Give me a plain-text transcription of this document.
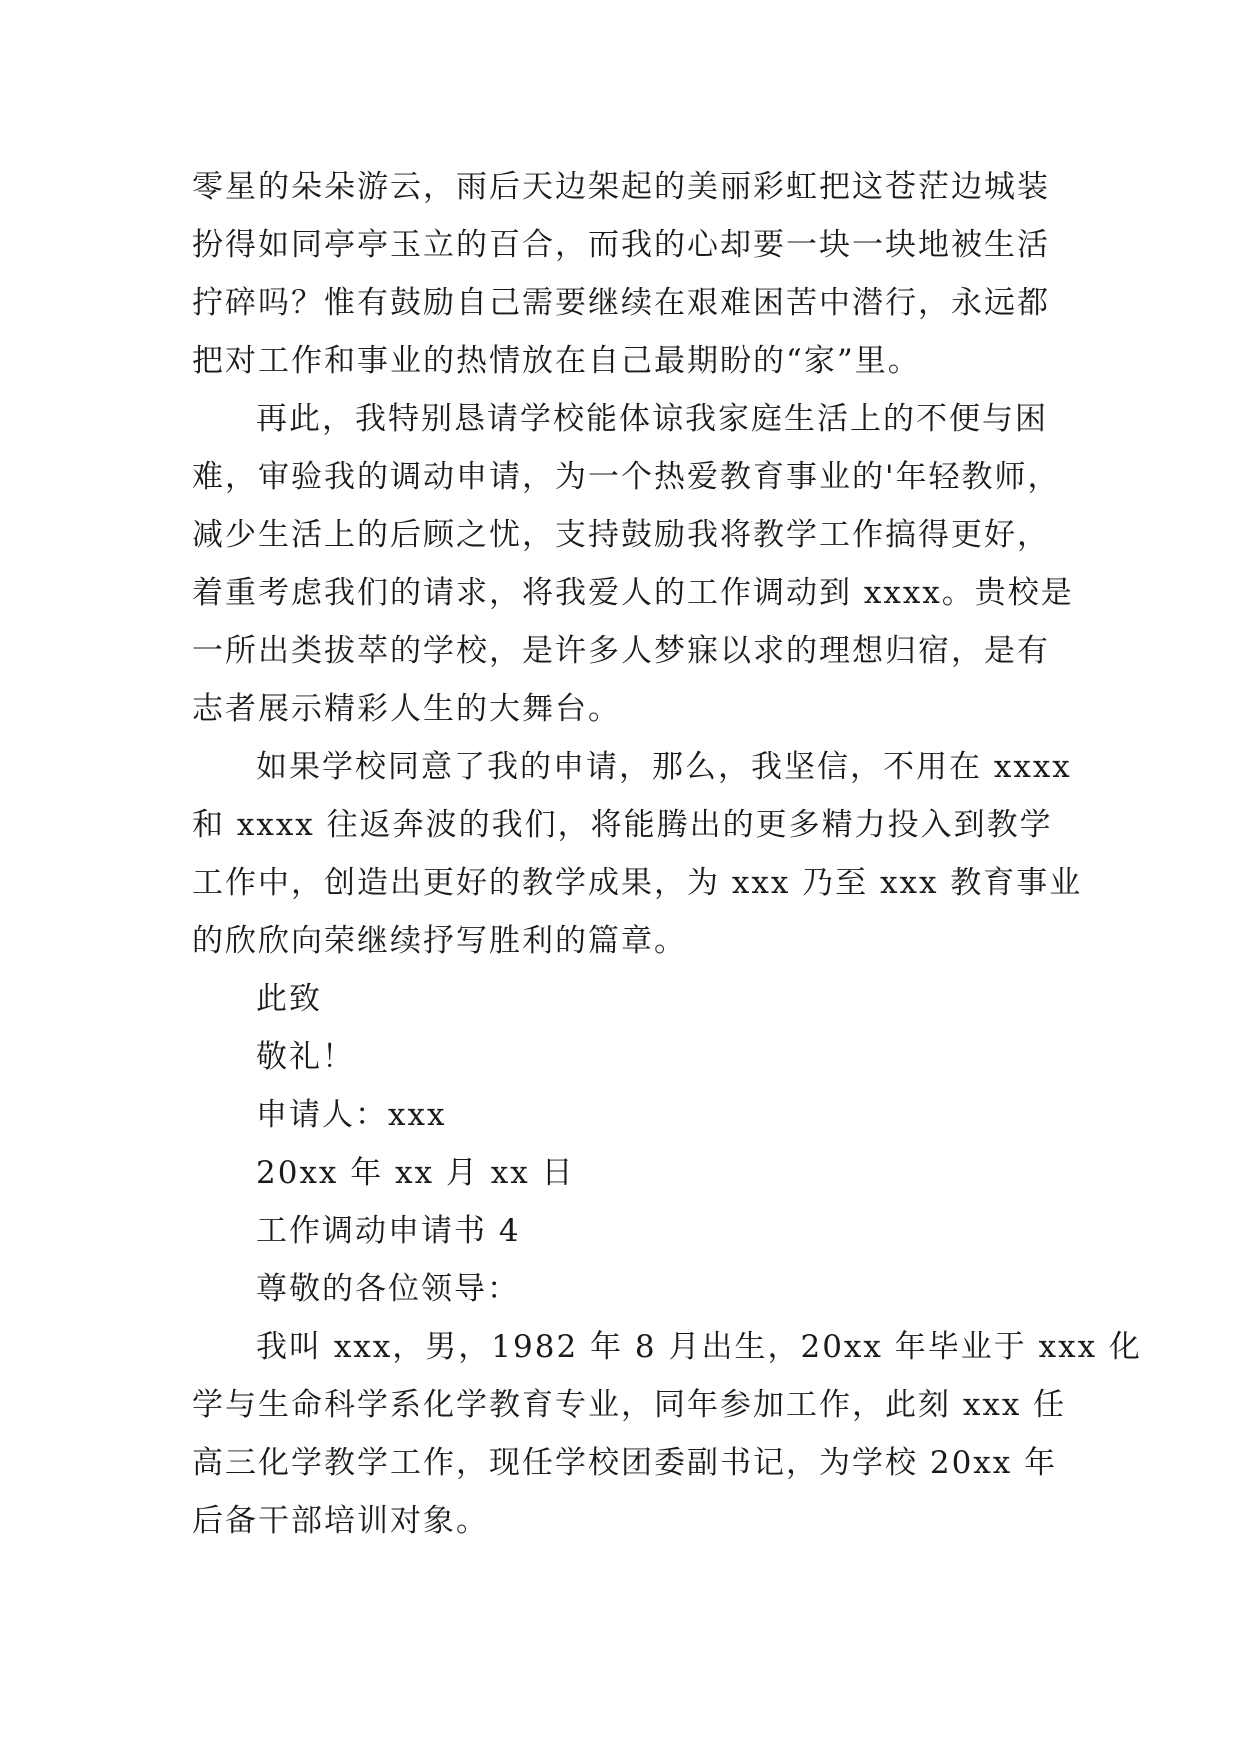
零星的朵朵游云，雨后天边架起的美丽彩虹把这苍茫边城装
扮得如同亭亭玉立的百合，而我的心却要一块一块地被生活
拧碎吗？惟有鼓励自己需要继续在艰难困苦中潜行，永远都
把对工作和事业的热情放在自己最期盼的“家”里。
再此，我特别恳请学校能体谅我家庭生活上的不便与困
难，审验我的调动申请，为一个热爱教育事业的'年轻教师，
减少生活上的后顾之忧，支持鼓励我将教学工作搞得更好，
着重考虑我们的请求，将我爱人的工作调动到 xxxx。贵校是
一所出类拔萃的学校，是许多人梦寐以求的理想归宿，是有
志者展示精彩人生的大舞台。
如果学校同意了我的申请，那么，我坚信，不用在 xxxx
和 xxxx 往返奔波的我们，将能腾出的更多精力投入到教学
工作中，创造出更好的教学成果，为 xxx 乃至 xxx 教育事业
的欣欣向荣继续抒写胜利的篇章。
此致
敬礼！
申请人：xxx
20xx 年 xx 月 xx 日
工作调动申请书 4
尊敬的各位领导：
我叫 xxx，男，1982 年 8 月出生，20xx 年毕业于 xxx 化
学与生命科学系化学教育专业，同年参加工作，此刻 xxx 任
高三化学教学工作，现任学校团委副书记，为学校 20xx 年
后备干部培训对象。
